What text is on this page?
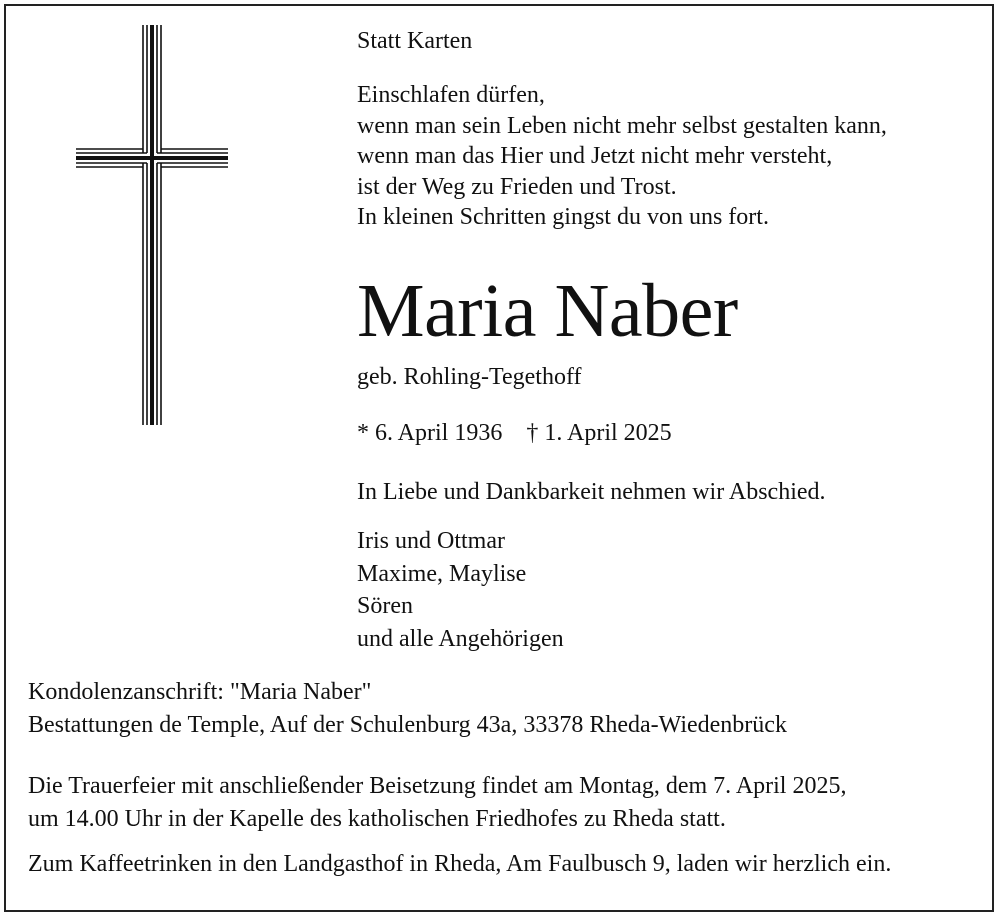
Statt Karten
Einschlafen dürfen,
wenn man sein Leben nicht mehr selbst gestalten kann,
wenn man das Hier und Jetzt nicht mehr versteht,
ist der Weg zu Frieden und Trost.
In kleinen Schritten gingst du von uns fort.
Maria Naber
geb. Rohling-Tegethoff
* 6. April 1936 † 1. April 2025
In Liebe und Dankbarkeit nehmen wir Abschied.
Iris und Ottmar
Maxime, Maylise
Sören
und alle Angehörigen
Kondolenzanschrift: "Maria Naber"
Bestattungen de Temple, Auf der Schulenburg 43a, 33378 Rheda-Wiedenbrück
Die Trauerfeier mit anschließender Beisetzung findet am Montag, dem 7. April 2025,
um 14.00 Uhr in der Kapelle des katholischen Friedhofes zu Rheda statt.
Zum Kaffeetrinken in den Landgasthof in Rheda, Am Faulbusch 9, laden wir herzlich ein.
